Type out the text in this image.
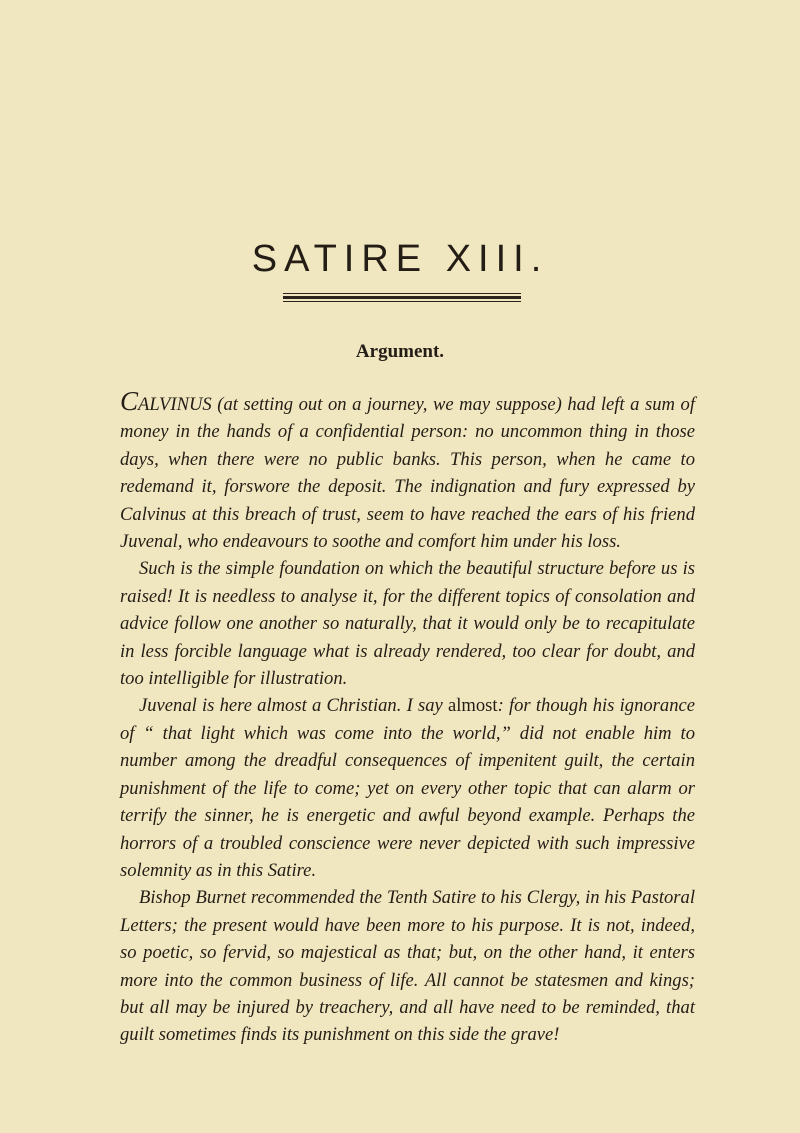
SATIRE XIII.
Argument.

CALVINUS (at setting out on a journey, we may suppose) had left a sum of money in the hands of a confidential person: no uncommon thing in those days, when there were no public banks. This person, when he came to redemand it, forswore the deposit. The indignation and fury expressed by Calvinus at this breach of trust, seem to have reached the ears of his friend Juvenal, who endeavours to soothe and comfort him under his loss.

Such is the simple foundation on which the beautiful structure before us is raised! It is needless to analyse it, for the different topics of consolation and advice follow one another so naturally, that it would only be to recapitulate in less forcible language what is already rendered, too clear for doubt, and too intelligible for illustration.

Juvenal is here almost a Christian. I say almost: for though his ignorance of “ that light which was come into the world,” did not enable him to number among the dreadful consequences of impenitent guilt, the certain punishment of the life to come; yet on every other topic that can alarm or terrify the sinner, he is energetic and awful beyond example. Perhaps the horrors of a troubled conscience were never depicted with such impressive solemnity as in this Satire.

Bishop Burnet recommended the Tenth Satire to his Clergy, in his Pastoral Letters; the present would have been more to his purpose. It is not, indeed, so poetic, so fervid, so majestical as that; but, on the other hand, it enters more into the common business of life. All cannot be statesmen and kings; but all may be injured by treachery, and all have need to be reminded, that guilt sometimes finds its punishment on this side the grave!
